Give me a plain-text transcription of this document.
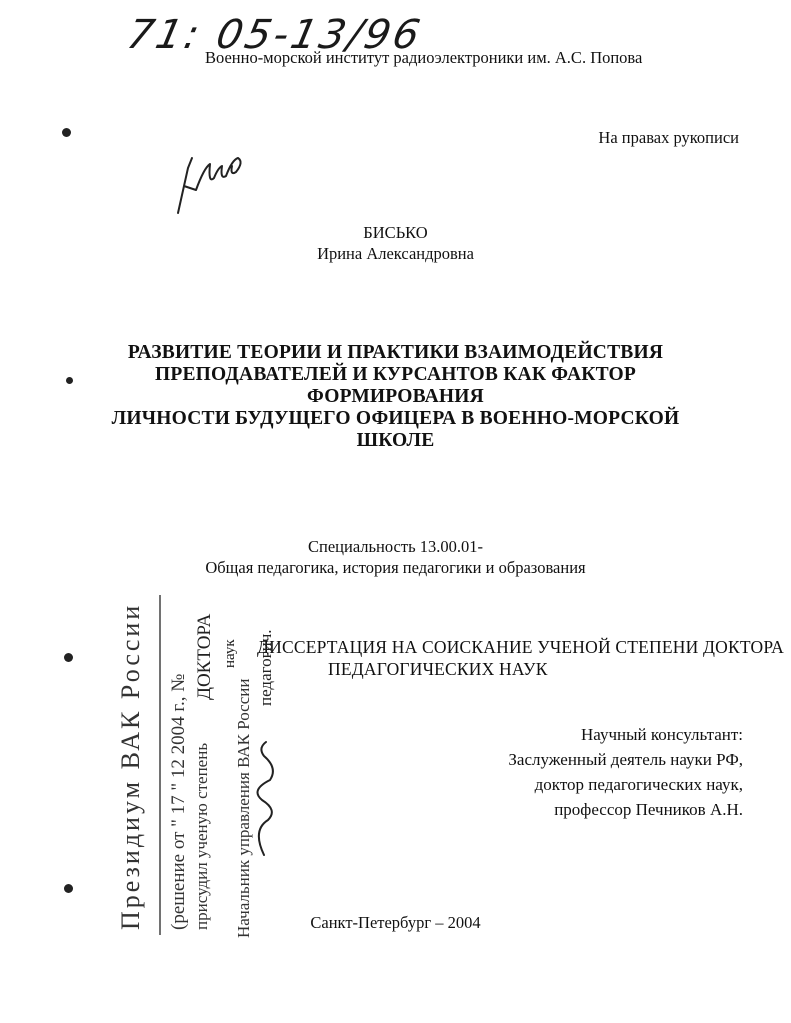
71: 05-13/96
Военно-морской институт радиоэлектроники им. А.С. Попова
На правах рукописи
БИСЬКО
Ирина Александровна
РАЗВИТИЕ ТЕОРИИ И ПРАКТИКИ ВЗАИМОДЕЙСТВИЯ
ПРЕПОДАВАТЕЛЕЙ И КУРСАНТОВ КАК ФАКТОР
ФОРМИРОВАНИЯ
ЛИЧНОСТИ БУДУЩЕГО ОФИЦЕРА В ВОЕННО-МОРСКОЙ
ШКОЛЕ
Специальность 13.00.01-
Общая педагогика, история педагогики и образования
ДИССЕРТАЦИЯ НА СОИСКАНИЕ УЧЕНОЙ СТЕПЕНИ ДОКТОРА
ПЕДАГОГИЧЕСКИХ НАУК
Научный консультант:
Заслуженный деятель науки РФ,
доктор педагогических наук,
профессор Печников А.Н.
Санкт-Петербург – 2004
Президиум ВАК России (решение от " 17 " 12 2004 г., № присудил ученую степень Начальник управления ВАК России
ДОКТОРА наук педагогич.
